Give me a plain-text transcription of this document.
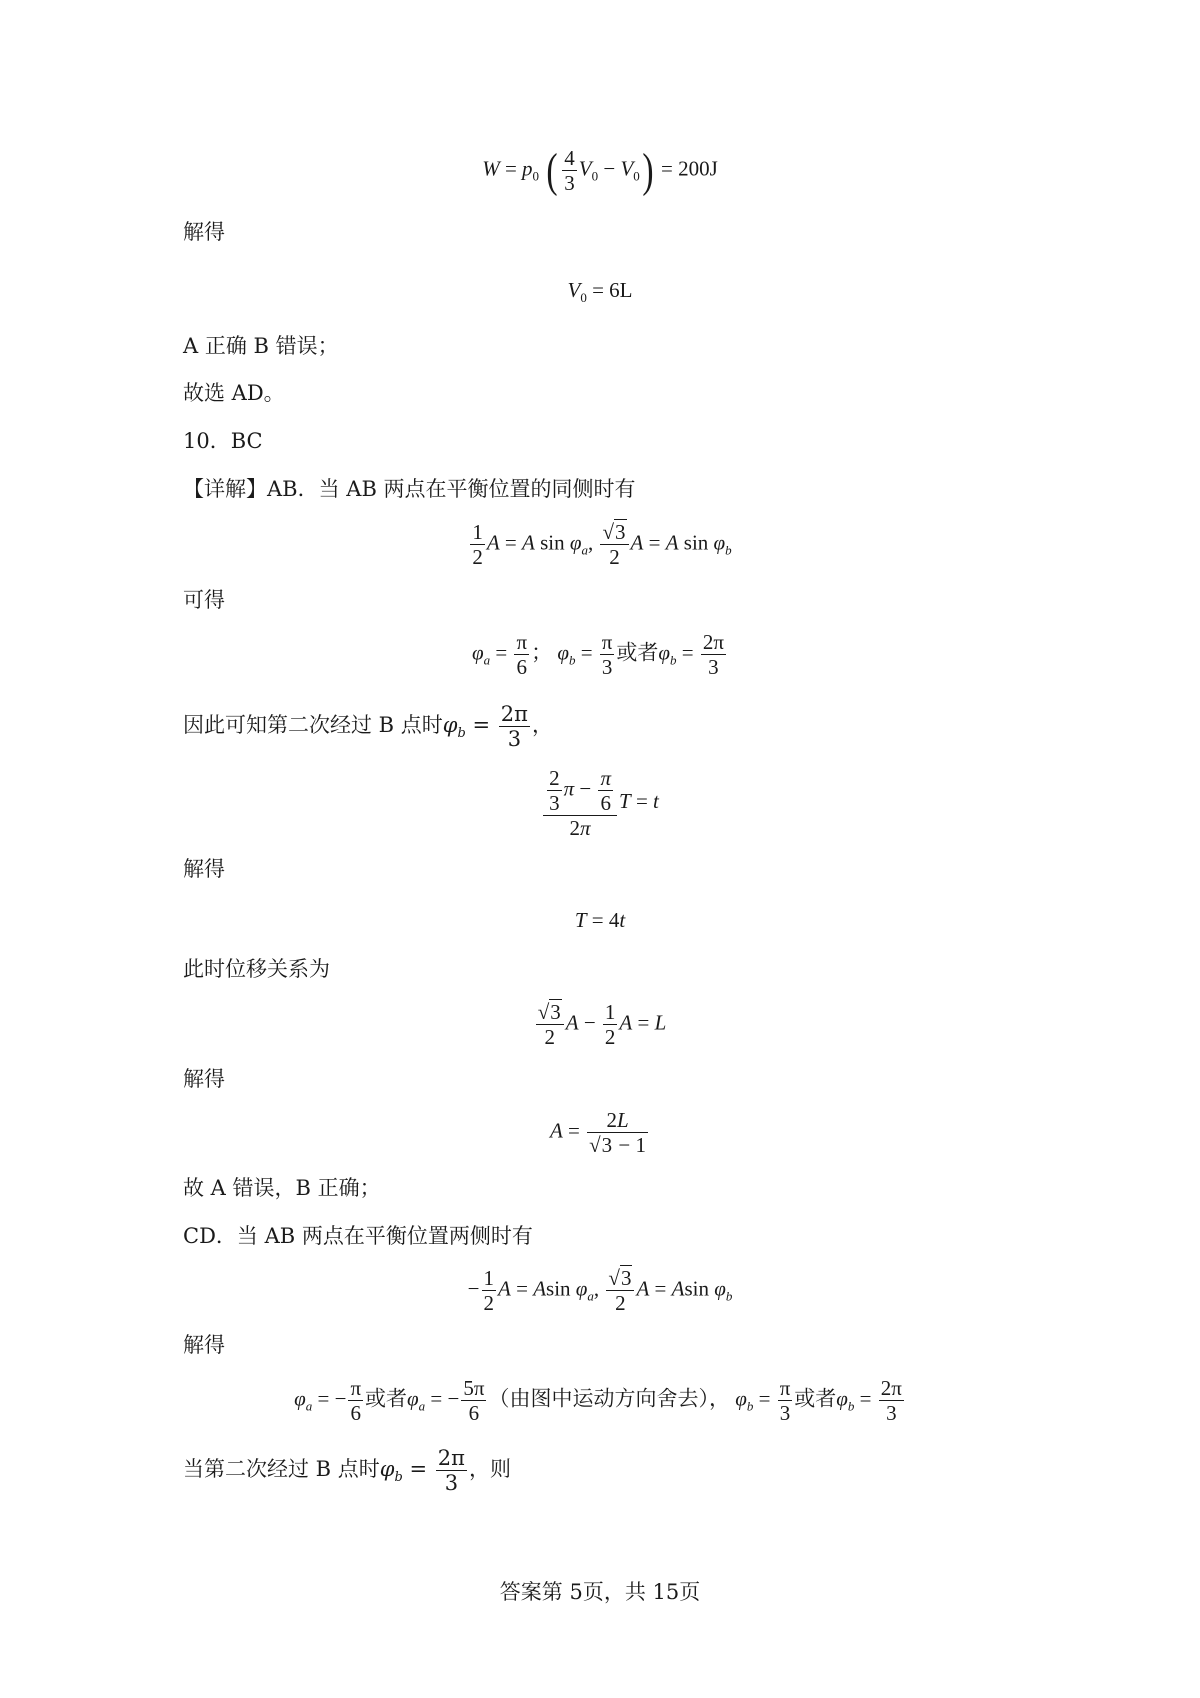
$W = p_0$ ( $\frac{4}{3} V_0 - V_0) = 200J$
解得
$V_0 = 6L$
A 正确 B 错误；
故选 AD。
10．BC
【详解】AB．当 AB 两点在平衡位置的同侧时有
$\frac{1}{2}$ A = A $\sin \varphi_a$, $\frac{√3}{2}$ A = A $\sin \varphi_b$
可得
$\varphi_a = \frac{\pi}{6}$ ； $\varphi_b = \frac{\pi}{3}$ 或者$\varphi_b = \frac{2\pi}{3}$
因此可知第二次经过 B 点时$\varphi_b = \frac{2\pi}{3}$ ，
$\frac{\frac{2}{3} \pi - \frac{\pi}{6}}{2\pi}$ T = t
解得
T = 4t
此时位移关系为
$\frac{√3}{2}$ $A - \frac{1}{2}$ A = L
解得
$A = \frac{2L}{√3 - 1}$
故 A 错误，B 正确；
CD．当 AB 两点在平衡位置两侧时有
− $\frac{1}{2}$ A = Asin $\varphi_a$, $\frac{√3}{2}$ A = Asin $\varphi_b$
解得
$\varphi_a$ = − $\frac{\pi}{6}$ 或者$\varphi_a$ = − $\frac{5\pi}{6}$ （由图中运动方向舍去）， $\varphi_b = \frac{\pi}{3}$ 或者$\varphi_b = \frac{2\pi}{3}$
当第二次经过 B 点时$\varphi_b = \frac{2\pi}{3}$ ，则
答案第 5页，共 15页
